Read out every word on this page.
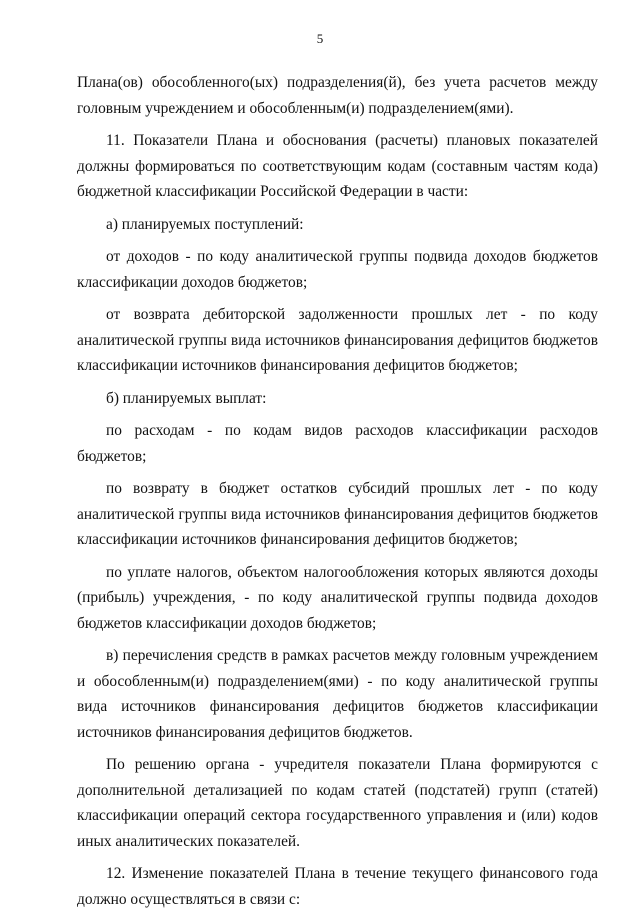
5

Плана(ов) обособленного(ых) подразделения(й), без учета расчетов между головным учреждением и обособленным(и) подразделением(ями).

11. Показатели Плана и обоснования (расчеты) плановых показателей должны формироваться по соответствующим кодам (составным частям кода) бюджетной классификации Российской Федерации в части:

а) планируемых поступлений:

от доходов - по коду аналитической группы подвида доходов бюджетов классификации доходов бюджетов;

от возврата дебиторской задолженности прошлых лет - по коду аналитической группы вида источников финансирования дефицитов бюджетов классификации источников финансирования дефицитов бюджетов;

б) планируемых выплат:

по расходам - по кодам видов расходов классификации расходов бюджетов;

по возврату в бюджет остатков субсидий прошлых лет - по коду аналитической группы вида источников финансирования дефицитов бюджетов классификации источников финансирования дефицитов бюджетов;

по уплате налогов, объектом налогообложения которых являются доходы (прибыль) учреждения, - по коду аналитической группы подвида доходов бюджетов классификации доходов бюджетов;

в) перечисления средств в рамках расчетов между головным учреждением и обособленным(и) подразделением(ями) - по коду аналитической группы вида источников финансирования дефицитов бюджетов классификации источников финансирования дефицитов бюджетов.

По решению органа - учредителя показатели Плана формируются с дополнительной детализацией по кодам статей (подстатей) групп (статей) классификации операций сектора государственного управления и (или) кодов иных аналитических показателей.

12. Изменение показателей Плана в течение текущего финансового года должно осуществляться в связи с:
